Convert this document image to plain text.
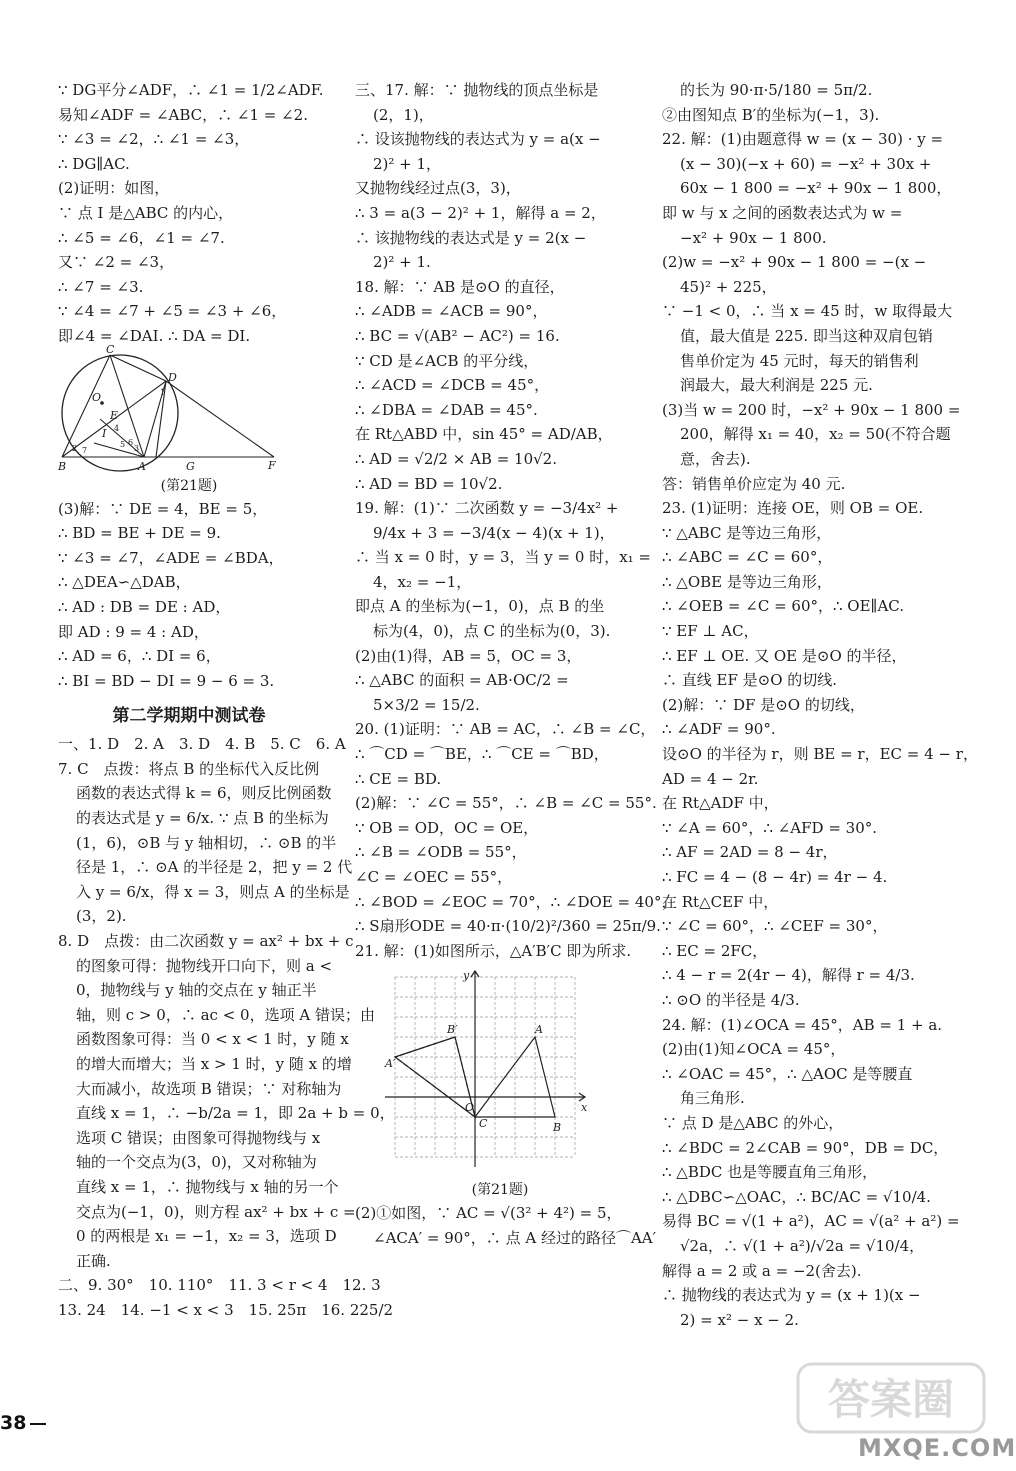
∵ DG平分∠ADF，∴ ∠1 = 1/2∠ADF.
易知∠ADF = ∠ABC，∴ ∠1 = ∠2.
∵ ∠3 = ∠2，∴ ∠1 = ∠3，
∴ DG∥AC.
(2)证明：如图，
∵ 点 I 是△ABC 的内心，
∴ ∠5 = ∠6，∠1 = ∠7.
又∵ ∠2 = ∠3，
∴ ∠7 = ∠3.
∵ ∠4 = ∠7 + ∠5 = ∠3 + ∠6，
即∠4 = ∠DAI. ∴ DA = DI.
C
O
D
E
I
B	A	G	F
1
2	3
4
5 6
7
(第21题)
(3)解：∵ DE = 4，BE = 5，
∴ BD = BE + DE = 9.
∵ ∠3 = ∠7，∠ADE = ∠BDA，
∴ △DEA∽△DAB，
∴ AD : DB = DE : AD，
即 AD : 9 = 4 : AD，
∴ AD = 6，∴ DI = 6，
∴ BI = BD − DI = 9 − 6 = 3.
第二学期期中测试卷
一、1. D　2. A　3. D　4. B　5. C　6. A
7. C　点拨：将点 B 的坐标代入反比例
函数的表达式得 k = 6，则反比例函数
的表达式是 y = 6/x. ∵ 点 B 的坐标为
(1，6)，⊙B 与 y 轴相切，∴ ⊙B 的半
径是 1，∴ ⊙A 的半径是 2，把 y = 2 代
入 y = 6/x，得 x = 3，则点 A 的坐标是
(3，2).
8. D　点拨：由二次函数 y = ax² + bx + c
的图象可得：抛物线开口向下，则 a <
0，抛物线与 y 轴的交点在 y 轴正半
轴，则 c > 0，∴ ac < 0，选项 A 错误；由
函数图象可得：当 0 < x < 1 时，y 随 x
的增大而增大；当 x > 1 时，y 随 x 的增
大而减小，故选项 B 错误；∵ 对称轴为
直线 x = 1，∴ −b/2a = 1，即 2a + b = 0，
选项 C 错误；由图象可得抛物线与 x
轴的一个交点为(3，0)，又对称轴为
直线 x = 1，∴ 抛物线与 x 轴的另一个
交点为(−1，0)，则方程 ax² + bx + c =
0 的两根是 x₁ = −1，x₂ = 3，选项 D
正确.
二、9. 30°　10. 110°　11. 3 < r < 4　12. 3
13. 24　14. −1 < x < 3　15. 25π　16. 225/2
三、17. 解：∵ 抛物线的顶点坐标是
(2，1)，
∴ 设该抛物线的表达式为 y = a(x −
2)² + 1，
又抛物线经过点(3，3)，
∴ 3 = a(3 − 2)² + 1，解得 a = 2，
∴ 该抛物线的表达式是 y = 2(x −
2)² + 1.
18. 解：∵ AB 是⊙O 的直径，
∴ ∠ADB = ∠ACB = 90°，
∴ BC = √(AB² − AC²) = 16.
∵ CD 是∠ACB 的平分线，
∴ ∠ACD = ∠DCB = 45°，
∴ ∠DBA = ∠DAB = 45°.
在 Rt△ABD 中，sin 45° = AD/AB，
∴ AD = √2/2 × AB = 10√2.
∴ AD = BD = 10√2.
19. 解：(1)∵ 二次函数 y = −3/4x² +
9/4x + 3 = −3/4(x − 4)(x + 1)，
∴ 当 x = 0 时，y = 3，当 y = 0 时，x₁ =
4，x₂ = −1，
即点 A 的坐标为(−1，0)，点 B 的坐
标为(4，0)，点 C 的坐标为(0，3).
(2)由(1)得，AB = 5，OC = 3，
∴ △ABC 的面积 = AB·OC/2 =
5×3/2 = 15/2.
20. (1)证明：∵ AB = AC，∴ ∠B = ∠C，
∴ ⌒CD = ⌒BE，∴ ⌒CE = ⌒BD，
∴ CE = BD.
(2)解：∵ ∠C = 55°，∴ ∠B = ∠C = 55°.
∵ OB = OD，OC = OE，
∴ ∠B = ∠ODB = 55°，
∠C = ∠OEC = 55°，
∴ ∠BOD = ∠EOC = 70°，∴ ∠DOE = 40°，
∴ S扇形ODE = 40·π·(10/2)²/360 = 25π/9.
21. 解：(1)如图所示，△A′B′C 即为所求.
y
x
A
B
A′
B′
O
C
(第21题)
(2)①如图，∵ AC = √(3² + 4²) = 5，
∠ACA′ = 90°，∴ 点 A 经过的路径⌒AA′
的长为 90·π·5/180 = 5π/2.
②由图知点 B′的坐标为(−1，3).
22. 解：(1)由题意得 w = (x − 30) · y =
(x − 30)(−x + 60) = −x² + 30x +
60x − 1 800 = −x² + 90x − 1 800，
即 w 与 x 之间的函数表达式为 w =
−x² + 90x − 1 800.
(2)w = −x² + 90x − 1 800 = −(x −
45)² + 225，
∵ −1 < 0，∴ 当 x = 45 时，w 取得最大
值，最大值是 225. 即当这种双肩包销
售单价定为 45 元时，每天的销售利
润最大，最大利润是 225 元.
(3)当 w = 200 时，−x² + 90x − 1 800 =
200，解得 x₁ = 40，x₂ = 50(不符合题
意，舍去).
答：销售单价应定为 40 元.
23. (1)证明：连接 OE，则 OB = OE.
∵ △ABC 是等边三角形，
∴ ∠ABC = ∠C = 60°，
∴ △OBE 是等边三角形，
∴ ∠OEB = ∠C = 60°，∴ OE∥AC.
∵ EF ⊥ AC，
∴ EF ⊥ OE. 又 OE 是⊙O 的半径，
∴ 直线 EF 是⊙O 的切线.
(2)解：∵ DF 是⊙O 的切线，
∴ ∠ADF = 90°.
设⊙O 的半径为 r，则 BE = r，EC = 4 − r，
AD = 4 − 2r.
在 Rt△ADF 中，
∵ ∠A = 60°，∴ ∠AFD = 30°.
∴ AF = 2AD = 8 − 4r，
∴ FC = 4 − (8 − 4r) = 4r − 4.
在 Rt△CEF 中，
∵ ∠C = 60°，∴ ∠CEF = 30°，
∴ EC = 2FC，
∴ 4 − r = 2(4r − 4)，解得 r = 4/3.
∴ ⊙O 的半径是 4/3.
24. 解：(1)∠OCA = 45°，AB = 1 + a.
(2)由(1)知∠OCA = 45°，
∴ ∠OAC = 45°，∴ △AOC 是等腰直
角三角形.
∵ 点 D 是△ABC 的外心，
∴ ∠BDC = 2∠CAB = 90°，DB = DC，
∴ △BDC 也是等腰直角三角形，
∴ △DBC∽△OAC，∴ BC/AC = √10/4.
易得 BC = √(1 + a²)，AC = √(a² + a²) =
√2a，∴ √(1 + a²)/√2a = √10/4，
解得 a = 2 或 a = −2(舍去).
∴ 抛物线的表达式为 y = (x + 1)(x −
2) = x² − x − 2.
38	答案圈
MXQE.COM
